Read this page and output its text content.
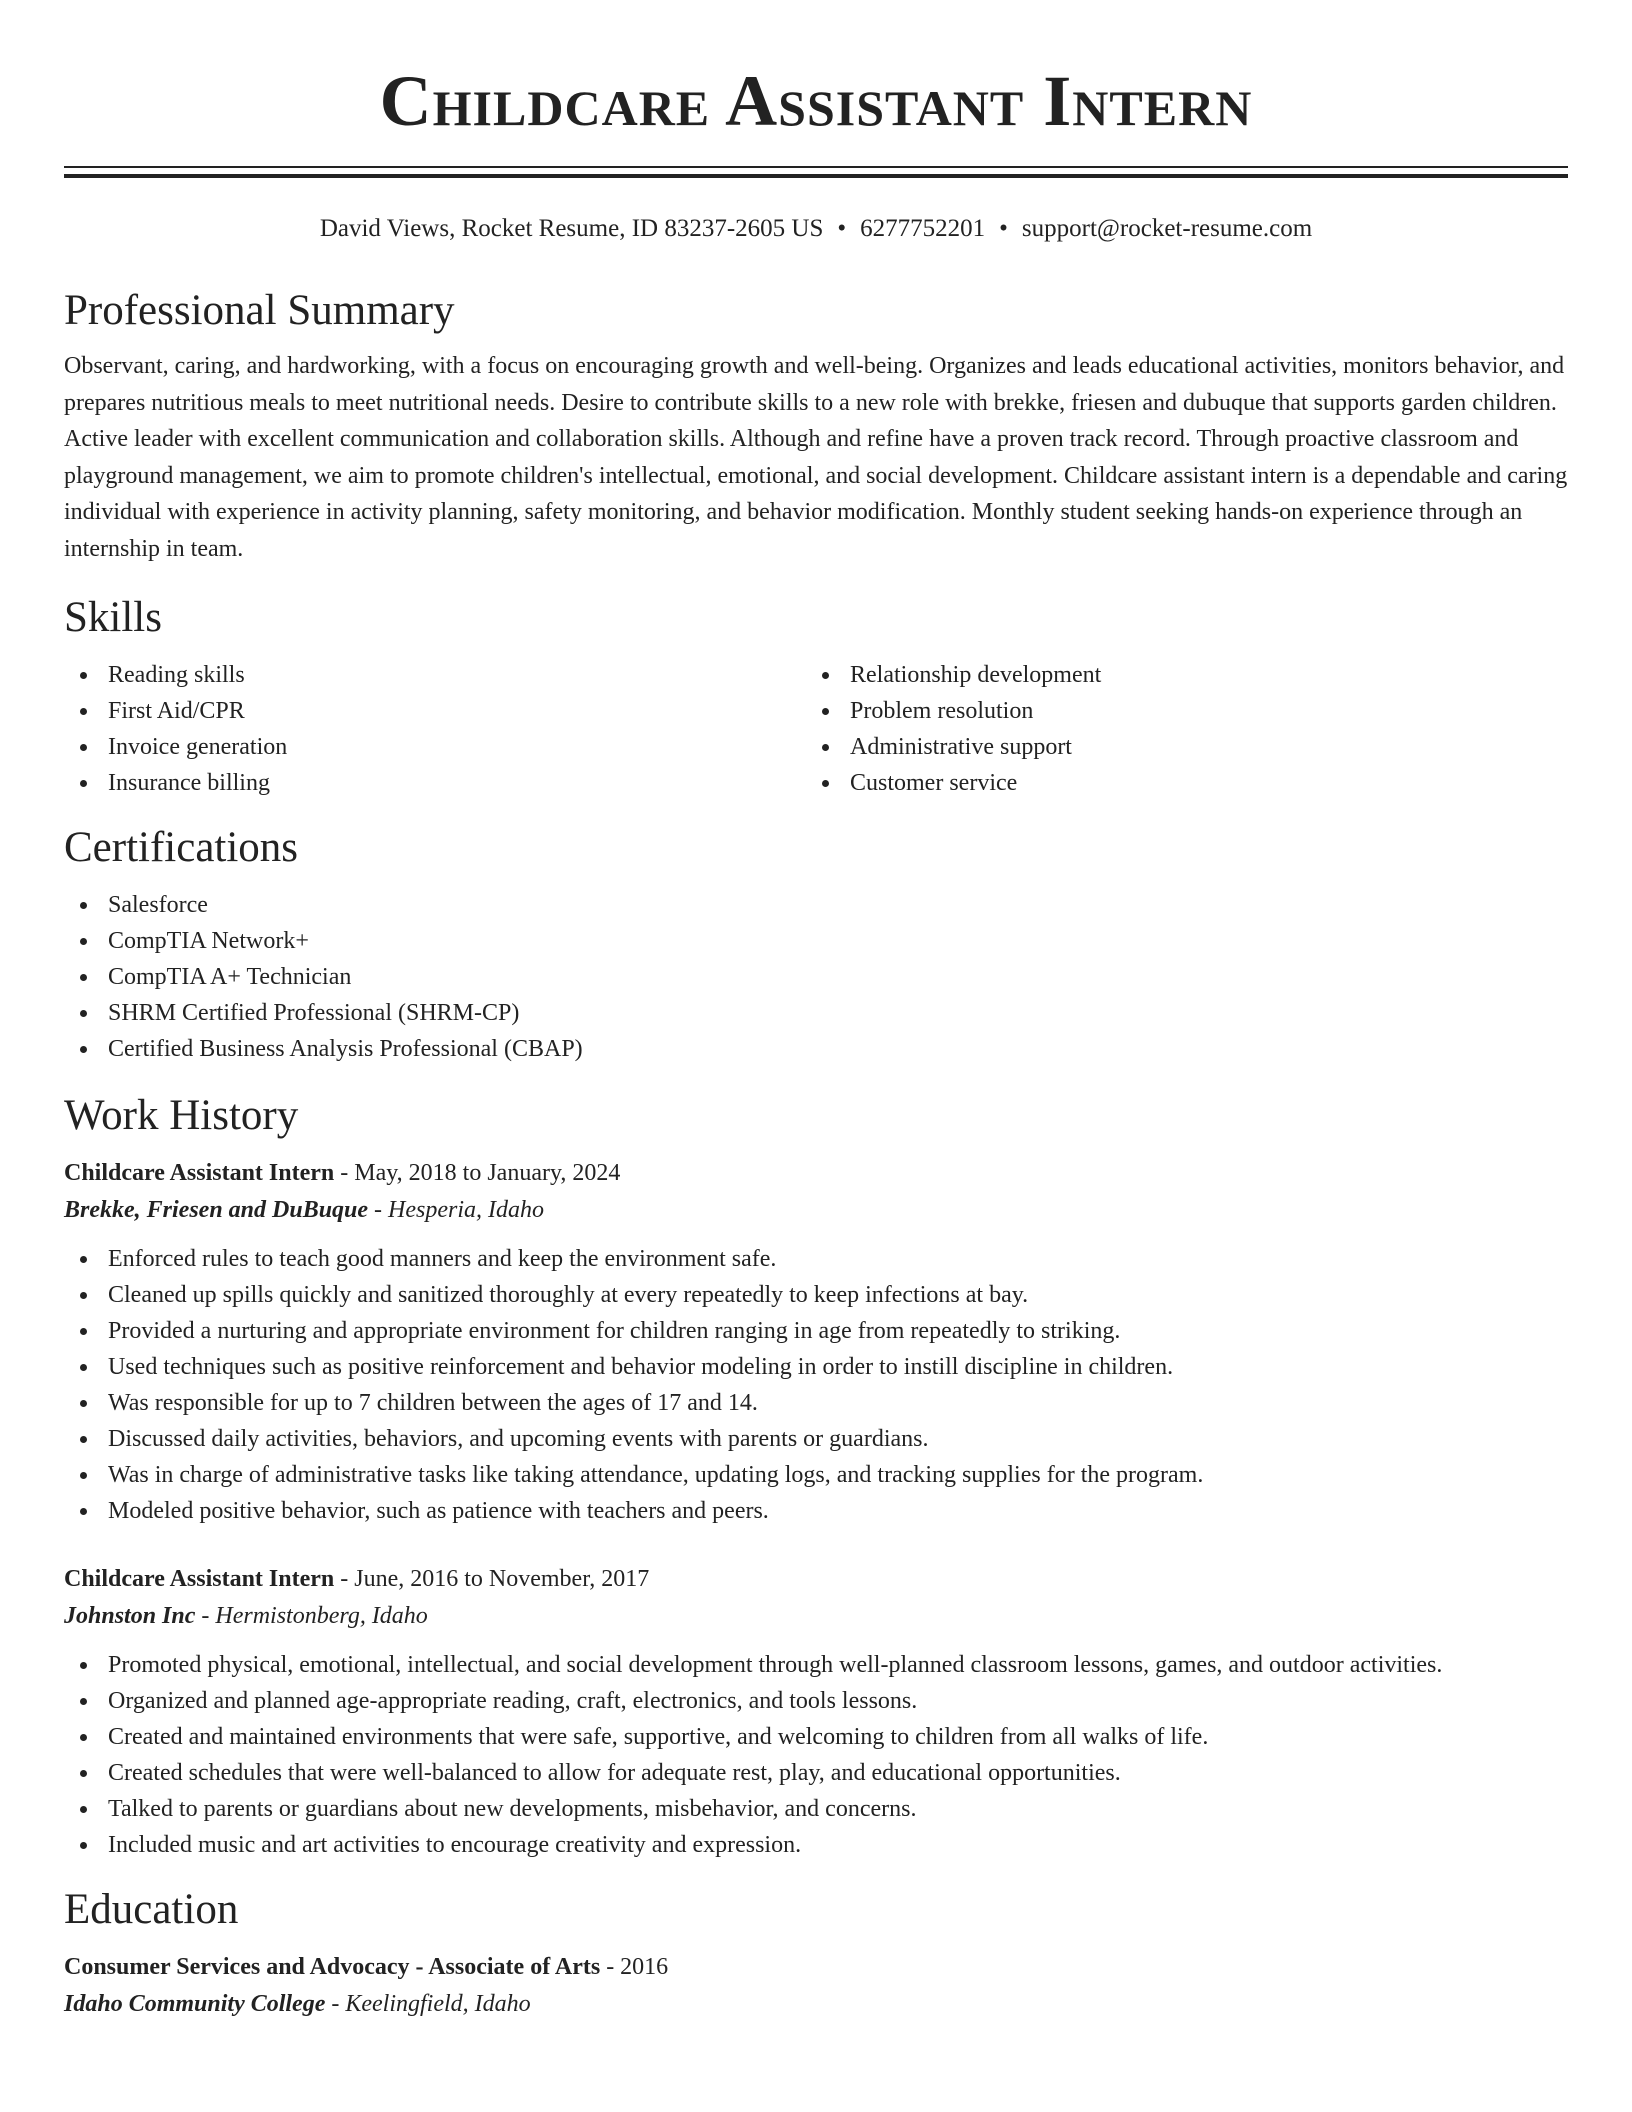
Childcare Assistant Intern
David Views, Rocket Resume, ID 83237-2605 US • 6277752201 • support@rocket-resume.com
Professional Summary
Observant, caring, and hardworking, with a focus on encouraging growth and well-being. Organizes and leads educational activities, monitors behavior, and prepares nutritious meals to meet nutritional needs. Desire to contribute skills to a new role with brekke, friesen and dubuque that supports garden children. Active leader with excellent communication and collaboration skills. Although and refine have a proven track record. Through proactive classroom and playground management, we aim to promote children's intellectual, emotional, and social development. Childcare assistant intern is a dependable and caring individual with experience in activity planning, safety monitoring, and behavior modification. Monthly student seeking hands-on experience through an internship in team.
Skills
Reading skills
First Aid/CPR
Invoice generation
Insurance billing
Relationship development
Problem resolution
Administrative support
Customer service
Certifications
Salesforce
CompTIA Network+
CompTIA A+ Technician
SHRM Certified Professional (SHRM-CP)
Certified Business Analysis Professional (CBAP)
Work History
Childcare Assistant Intern - May, 2018 to January, 2024
Brekke, Friesen and DuBuque - Hesperia, Idaho
Enforced rules to teach good manners and keep the environment safe.
Cleaned up spills quickly and sanitized thoroughly at every repeatedly to keep infections at bay.
Provided a nurturing and appropriate environment for children ranging in age from repeatedly to striking.
Used techniques such as positive reinforcement and behavior modeling in order to instill discipline in children.
Was responsible for up to 7 children between the ages of 17 and 14.
Discussed daily activities, behaviors, and upcoming events with parents or guardians.
Was in charge of administrative tasks like taking attendance, updating logs, and tracking supplies for the program.
Modeled positive behavior, such as patience with teachers and peers.
Childcare Assistant Intern - June, 2016 to November, 2017
Johnston Inc - Hermistonberg, Idaho
Promoted physical, emotional, intellectual, and social development through well-planned classroom lessons, games, and outdoor activities.
Organized and planned age-appropriate reading, craft, electronics, and tools lessons.
Created and maintained environments that were safe, supportive, and welcoming to children from all walks of life.
Created schedules that were well-balanced to allow for adequate rest, play, and educational opportunities.
Talked to parents or guardians about new developments, misbehavior, and concerns.
Included music and art activities to encourage creativity and expression.
Education
Consumer Services and Advocacy - Associate of Arts - 2016
Idaho Community College - Keelingfield, Idaho
